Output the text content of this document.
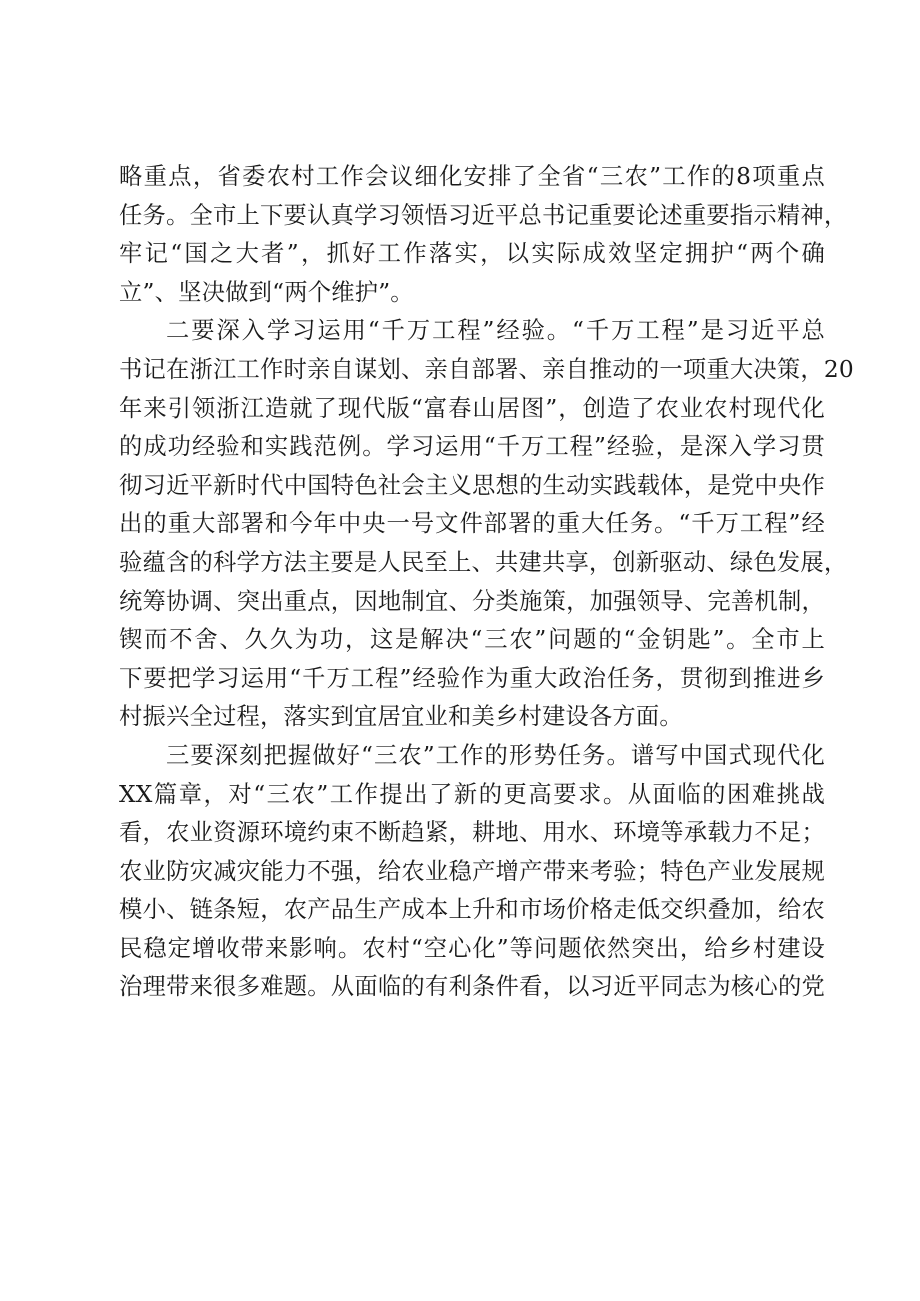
略重点，省委农村工作会议细化安排了全省“三农”工作的8项重点
任务。全市上下要认真学习领悟习近平总书记重要论述重要指示精神，
牢记“国之大者”，抓好工作落实，以实际成效坚定拥护“两个确
立”、坚决做到“两个维护”。
二要深入学习运用“千万工程”经验。“千万工程”是习近平总
书记在浙江工作时亲自谋划、亲自部署、亲自推动的一项重大决策，20
年来引领浙江造就了现代版“富春山居图”，创造了农业农村现代化
的成功经验和实践范例。学习运用“千万工程”经验，是深入学习贯
彻习近平新时代中国特色社会主义思想的生动实践载体，是党中央作
出的重大部署和今年中央一号文件部署的重大任务。“千万工程”经
验蕴含的科学方法主要是人民至上、共建共享，创新驱动、绿色发展，
统筹协调、突出重点，因地制宜、分类施策，加强领导、完善机制，
锲而不舍、久久为功，这是解决“三农”问题的“金钥匙”。全市上
下要把学习运用“千万工程”经验作为重大政治任务，贯彻到推进乡
村振兴全过程，落实到宜居宜业和美乡村建设各方面。
三要深刻把握做好“三农”工作的形势任务。谱写中国式现代化
XX篇章，对“三农”工作提出了新的更高要求。从面临的困难挑战
看，农业资源环境约束不断趋紧，耕地、用水、环境等承载力不足；
农业防灾减灾能力不强，给农业稳产增产带来考验；特色产业发展规
模小、链条短，农产品生产成本上升和市场价格走低交织叠加，给农
民稳定增收带来影响。农村“空心化”等问题依然突出，给乡村建设
治理带来很多难题。从面临的有利条件看，以习近平同志为核心的党
